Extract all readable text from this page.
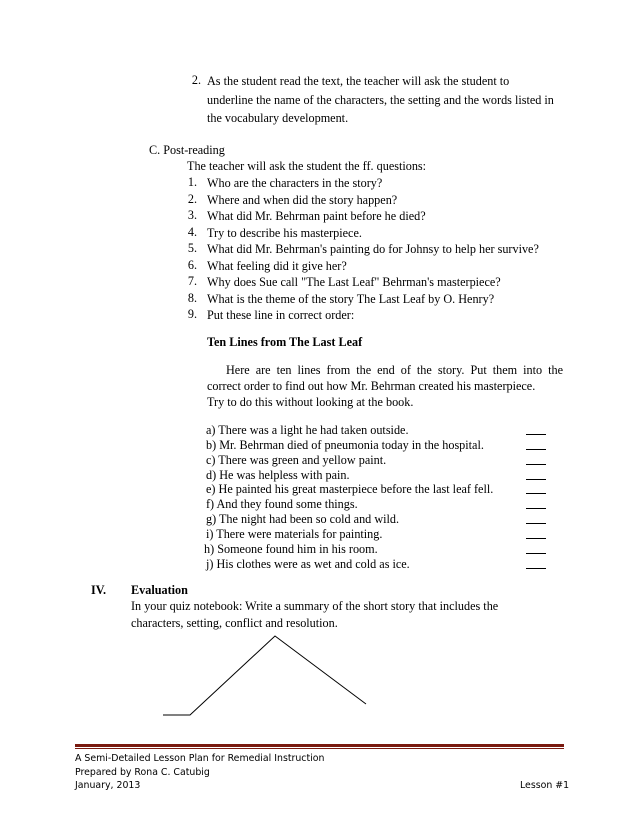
2. As the student read the text, the teacher will ask the student to
underline the name of the characters, the setting and the words listed in
the vocabulary development.
C. Post-reading
The teacher will ask the student the ff. questions:
1. Who are the characters in the story?
2. Where and when did the story happen?
3. What did Mr. Behrman paint before he died?
4. Try to describe his masterpiece.
5. What did Mr. Behrman's painting do for Johnsy to help her survive?
6. What feeling did it give her?
7. Why does Sue call "The Last Leaf" Behrman's masterpiece?
8. What is the theme of the story The Last Leaf by O. Henry?
9. Put these line in correct order:
Ten Lines from The Last Leaf
Here are ten lines from the end of the story. Put them into the
correct order to find out how Mr. Behrman created his masterpiece.
Try to do this without looking at the book.
a) There was a light he had taken outside.
b) Mr. Behrman died of pneumonia today in the hospital.
c) There was green and yellow paint.
d) He was helpless with pain.
e) He painted his great masterpiece before the last leaf fell.
f) And they found some things.
g) The night had been so cold and wild.
i) There were materials for painting.
h) Someone found him in his room.
j) His clothes were as wet and cold as ice.
IV. Evaluation
In your quiz notebook: Write a summary of the short story that includes the
characters, setting, conflict and resolution.
A Semi-Detailed Lesson Plan for Remedial Instruction
Prepared by Rona C. Catubig
January, 2013	Lesson #1
